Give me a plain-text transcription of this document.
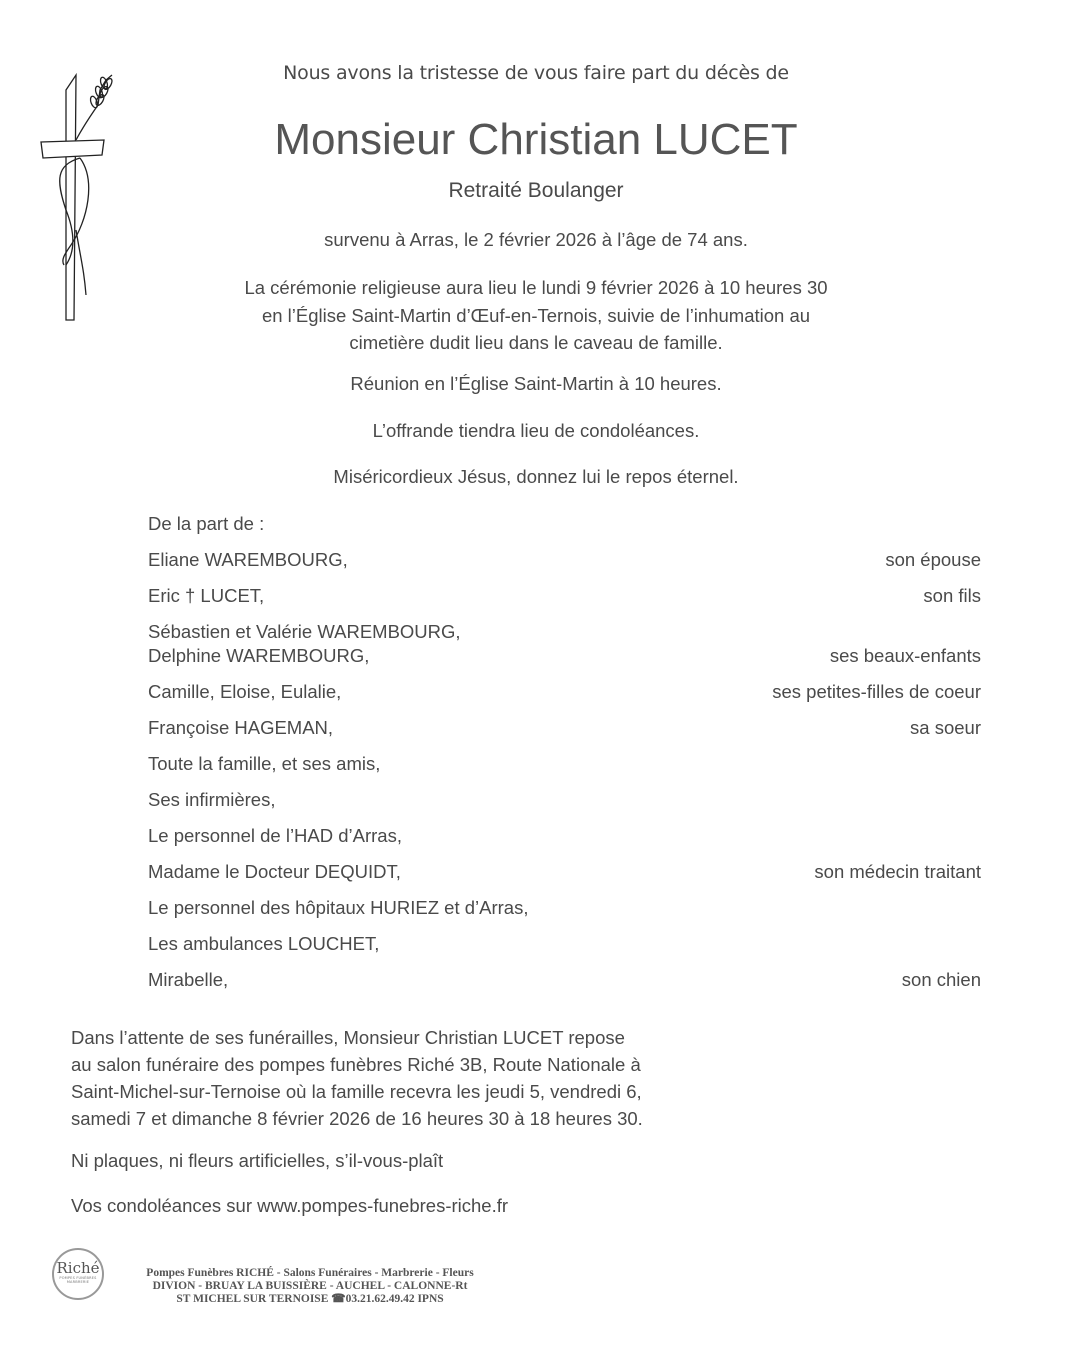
Nous avons la tristesse de vous faire part du décès de
Monsieur Christian LUCET
Retraité Boulanger
survenu à Arras, le 2 février 2026 à l’âge de 74 ans.
La cérémonie religieuse aura lieu le lundi 9 février 2026 à 10 heures 30
en l’Église Saint-Martin d’Œuf-en-Ternois, suivie de l’inhumation au
cimetière dudit lieu dans le caveau de famille.
Réunion en l’Église Saint-Martin à 10 heures.
L’offrande tiendra lieu de condoléances.
Miséricordieux Jésus, donnez lui le repos éternel.
De la part de :
Eliane WAREMBOURG,	son épouse
Eric † LUCET,	son fils
Sébastien et Valérie WAREMBOURG,
Delphine WAREMBOURG,	ses beaux-enfants
Camille, Eloise, Eulalie,	ses petites-filles de coeur
Françoise HAGEMAN,	sa soeur
Toute la famille, et ses amis,
Ses infirmières,
Le personnel de l’HAD d’Arras,
Madame le Docteur DEQUIDT,	son médecin traitant
Le personnel des hôpitaux HURIEZ et d’Arras,
Les ambulances LOUCHET,
Mirabelle,	son chien
Dans l’attente de ses funérailles, Monsieur Christian LUCET repose
au salon funéraire des pompes funèbres Riché 3B, Route Nationale à
Saint-Michel-sur-Ternoise où la famille recevra les jeudi 5, vendredi 6,
samedi 7 et dimanche 8 février 2026 de 16 heures 30 à 18 heures 30.
Ni plaques, ni fleurs artificielles, s’il-vous-plaît
Vos condoléances sur www.pompes-funebres-riche.fr
Riché
POMPES FUNÈBRES
MARBRERIE
Pompes Funèbres RICHÉ - Salons Funéraires - Marbrerie - Fleurs
DIVION - BRUAY LA BUISSIÈRE - AUCHEL - CALONNE-Rt
ST MICHEL SUR TERNOISE ☎03.21.62.49.42 IPNS
